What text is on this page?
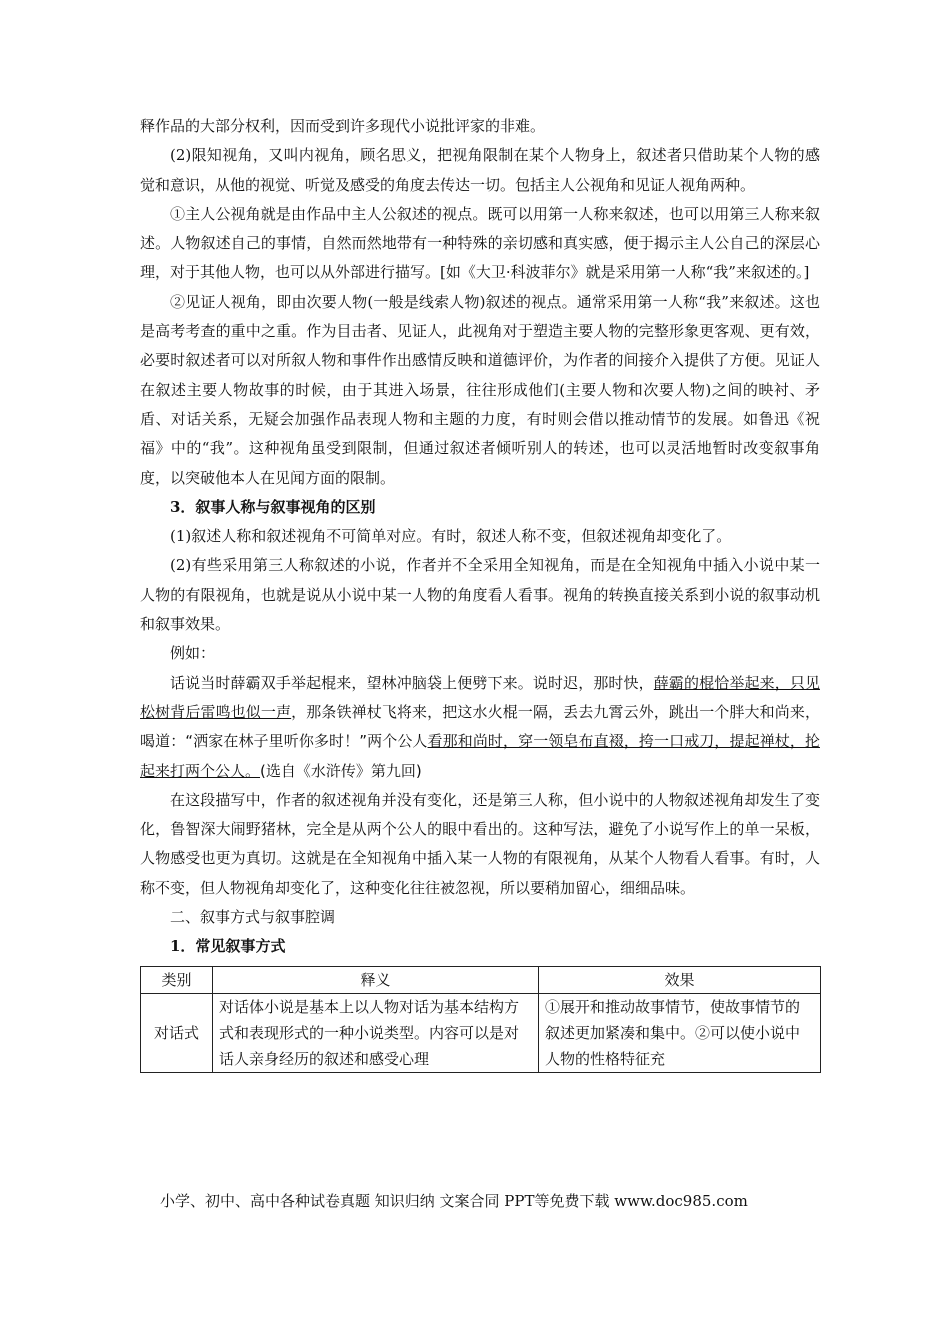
释作品的大部分权利，因而受到许多现代小说批评家的非难。

(2)限知视角，又叫内视角，顾名思义，把视角限制在某个人物身上，叙述者只借助某个人物的感觉和意识，从他的视觉、听觉及感受的角度去传达一切。包括主人公视角和见证人视角两种。

①主人公视角就是由作品中主人公叙述的视点。既可以用第一人称来叙述，也可以用第三人称来叙述。人物叙述自己的事情，自然而然地带有一种特殊的亲切感和真实感，便于揭示主人公自己的深层心理，对于其他人物，也可以从外部进行描写。[如《大卫·科波菲尔》就是采用第一人称“我”来叙述的。]

②见证人视角，即由次要人物(一般是线索人物)叙述的视点。通常采用第一人称“我”来叙述。这也是高考考查的重中之重。作为目击者、见证人，此视角对于塑造主要人物的完整形象更客观、更有效，必要时叙述者可以对所叙人物和事件作出感情反映和道德评价，为作者的间接介入提供了方便。见证人在叙述主要人物故事的时候，由于其进入场景，往往形成他们(主要人物和次要人物)之间的映衬、矛盾、对话关系，无疑会加强作品表现人物和主题的力度，有时则会借以推动情节的发展。如鲁迅《祝福》中的“我”。这种视角虽受到限制，但通过叙述者倾听别人的转述，也可以灵活地暂时改变叙事角度，以突破他本人在见闻方面的限制。

3．叙事人称与叙事视角的区别

(1)叙述人称和叙述视角不可简单对应。有时，叙述人称不变，但叙述视角却变化了。

(2)有些采用第三人称叙述的小说，作者并不全采用全知视角，而是在全知视角中插入小说中某一人物的有限视角，也就是说从小说中某一人物的角度看人看事。视角的转换直接关系到小说的叙事动机和叙事效果。

例如：

话说当时薛霸双手举起棍来，望林冲脑袋上便劈下来。说时迟，那时快，薛霸的棍恰举起来，只见松树背后雷鸣也似一声，那条铁禅杖飞将来，把这水火棍一隔，丢去九霄云外，跳出一个胖大和尚来，喝道：“洒家在林子里听你多时！”两个公人看那和尚时，穿一领皂布直裰，挎一口戒刀，提起禅杖，抡起来打两个公人。(选自《水浒传》第九回)

在这段描写中，作者的叙述视角并没有变化，还是第三人称，但小说中的人物叙述视角却发生了变化，鲁智深大闹野猪林，完全是从两个公人的眼中看出的。这种写法，避免了小说写作上的单一呆板，人物感受也更为真切。这就是在全知视角中插入某一人物的有限视角，从某个人物看人看事。有时，人称不变，但人物视角却变化了，这种变化往往被忽视，所以要稍加留心，细细品味。

二、叙事方式与叙事腔调

1．常见叙事方式

类别	释义	效果
对话式	对话体小说是基本上以人物对话为基本结构方式和表现形式的一种小说类型。内容可以是对话人亲身经历的叙述和感受心理	①展开和推动故事情节，使故事情节的叙述更加紧凑和集中。②可以使小说中人物的性格特征充
小学、初中、高中各种试卷真题 知识归纳 文案合同 PPT等免费下载 www.doc985.com
